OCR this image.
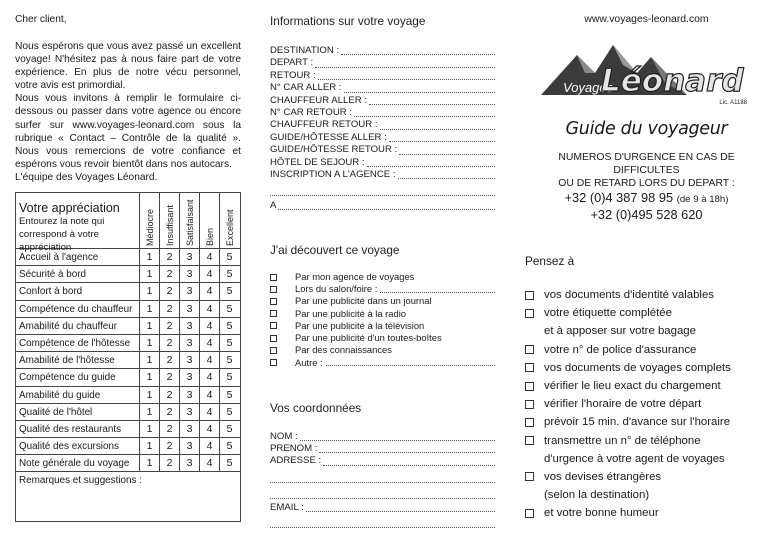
Cher client,

Nous espérons que vous avez passé un excellent voyage! N'hésitez pas à nous faire part de votre expérience. En plus de notre vécu personnel, votre avis est primordial.

Nous vous invitons à remplir le formulaire ci-dessous ou passer dans votre agence ou encore surfer sur www.voyages-leonard.com sous la rubrique « Contact – Contrôle de la qualité ». Nous vous remercions de votre confiance et espérons vous revoir bientôt dans nos autocars.

L'équipe des Voyages Léonard.

Votre appréciation
Entourez la note qui correspond à votre appréciation
Médiocre Insuffisant Satisfaisant Bien Excellent
Accueil à l'agence	1	2	3	4	5
Sécurité à bord	1	2	3	4	5
Confort à bord	1	2	3	4	5
Compétence du chauffeur	1	2	3	4	5
Amabilité du chauffeur	1	2	3	4	5
Compétence de l'hôtesse	1	2	3	4	5
Amabilité de l'hôtesse	1	2	3	4	5
Compétence du guide	1	2	3	4	5
Amabilité du guide	1	2	3	4	5
Qualité de l'hôtel	1	2	3	4	5
Qualité des restaurants	1	2	3	4	5
Qualité des excursions	1	2	3	4	5
Note générale du voyage	1	2	3	4	5
Remarques et suggestions :
Informations sur votre voyage
DESTINATION :
DEPART :
RETOUR :
N° CAR ALLER :
CHAUFFEUR ALLER :
N° CAR RETOUR :
CHAUFFEUR RETOUR :
GUIDE/HÔTESSE ALLER :
GUIDE/HÔTESSE RETOUR :
HÔTEL DE SEJOUR :
INSCRIPTION A L'AGENCE :
A
J'ai découvert ce voyage
Par mon agence de voyages
Lors du salon/foire :
Par une publicité dans un journal
Par une publicité à la radio
Par une publicité à la télévision
Par une publicité d'un toutes-boîtes
Par des connaissances
Autre :
Vos coordonnées
NOM :
PRENOM :
ADRESSE :
EMAIL :
www.voyages-leonard.com
Voyages
Léonard
Lic. A1188
Guide du voyageur
NUMEROS D'URGENCE EN CAS DE DIFFICULTES
OU DE RETARD LORS DU DEPART :
+32 (0)4 387 98 95 (de 9 à 18h)
+32 (0)495 528 620
Pensez à
vos documents d'identité valables
votre étiquette complétée
et à apposer sur votre bagage
votre n° de police d'assurance
vos documents de voyages complets
vérifier le lieu exact du chargement
vérifier l'horaire de votre départ
prévoir 15 min. d'avance sur l'horaire
transmettre un n° de téléphone
d'urgence à votre agent de voyages
vos devises étrangères
(selon la destination)
et votre bonne humeur
